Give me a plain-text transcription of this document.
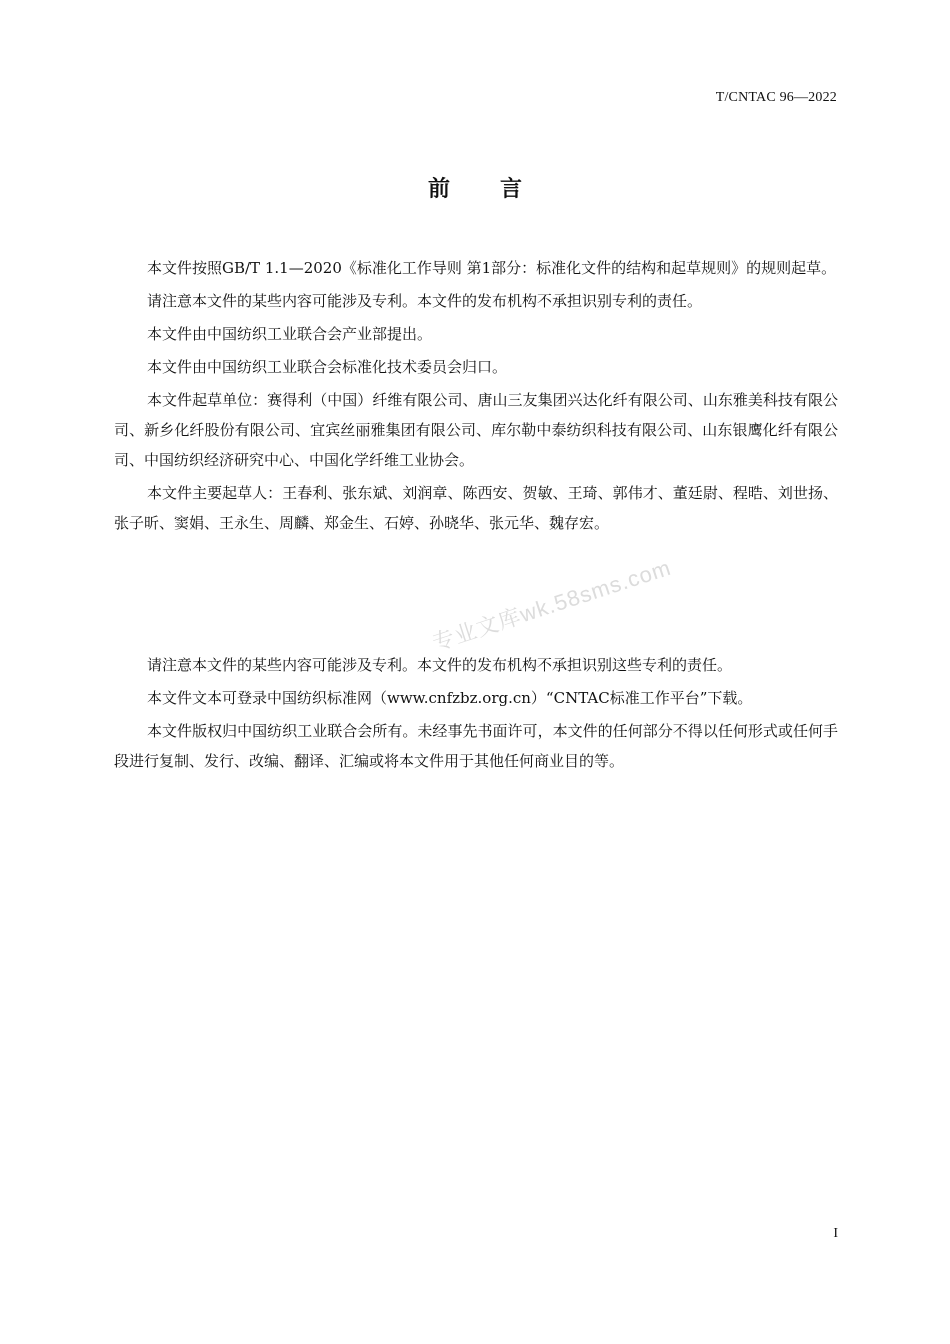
T/CNTAC 96—2022
前言

本文件按照GB/T 1.1—2020《标准化工作导则 第1部分：标准化文件的结构和起草规则》的规则起草。

请注意本文件的某些内容可能涉及专利。本文件的发布机构不承担识别专利的责任。

本文件由中国纺织工业联合会产业部提出。

本文件由中国纺织工业联合会标准化技术委员会归口。

本文件起草单位：赛得利（中国）纤维有限公司、唐山三友集团兴达化纤有限公司、山东雅美科技有限公司、新乡化纤股份有限公司、宜宾丝丽雅集团有限公司、库尔勒中泰纺织科技有限公司、山东银鹰化纤有限公司、中国纺织经济研究中心、中国化学纤维工业协会。

本文件主要起草人：王春利、张东斌、刘润章、陈西安、贺敏、王琦、郭伟才、董廷尉、程晧、刘世扬、张子昕、窦娟、王永生、周麟、郑金生、石婷、孙晓华、张元华、魏存宏。

专业文库wk.58sms.com

请注意本文件的某些内容可能涉及专利。本文件的发布机构不承担识别这些专利的责任。

本文件文本可登录中国纺织标准网（www.cnfzbz.org.cn）“CNTAC标准工作平台”下载。

本文件版权归中国纺织工业联合会所有。未经事先书面许可，本文件的任何部分不得以任何形式或任何手段进行复制、发行、改编、翻译、汇编或将本文件用于其他任何商业目的等。

I
